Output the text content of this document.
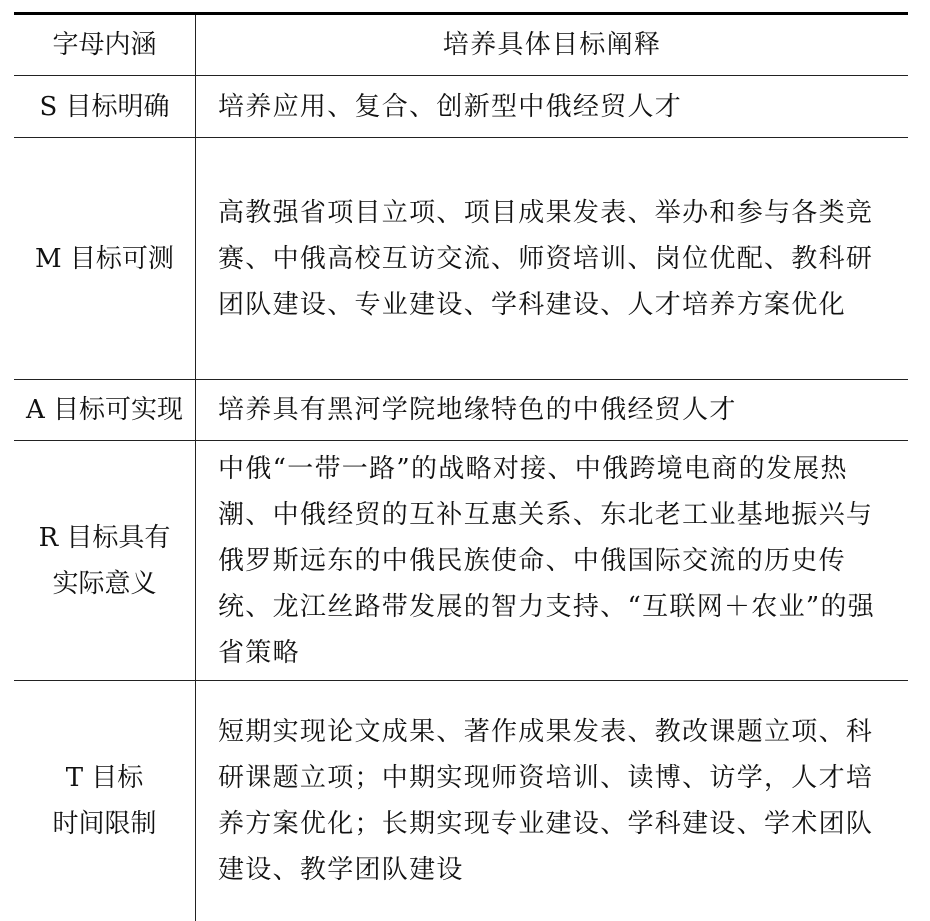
字母内涵	培养具体目标阐释
S 目标明确 培养应用、复合、创新型中俄经贸人才
M 目标可测
高教强省项目立项、项目成果发表、举办和参与各类竞赛、中俄高校互访交流、师资培训、岗位优配、教科研团队建设、专业建设、学科建设、人才培养方案优化
A 目标可实现 培养具有黑河学院地缘特色的中俄经贸人才
R 目标具有
实际意义
中俄“一带一路”的战略对接、中俄跨境电商的发展热潮、中俄经贸的互补互惠关系、东北老工业基地振兴与俄罗斯远东的中俄民族使命、中俄国际交流的历史传统、龙江丝路带发展的智力支持、“互联网＋农业”的强省策略
T 目标
时间限制
短期实现论文成果、著作成果发表、教改课题立项、科研课题立项；中期实现师资培训、读博、访学，人才培养方案优化；长期实现专业建设、学科建设、学术团队建设、教学团队建设
